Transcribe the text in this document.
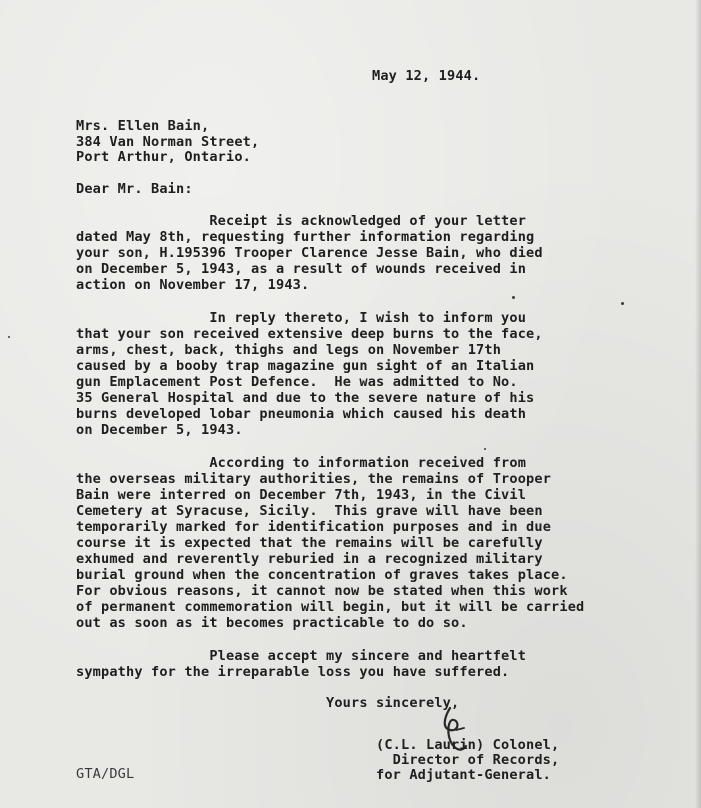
May 12, 1944.
Mrs. Ellen Bain,
384 Van Norman Street,
Port Arthur, Ontario.
Dear Mr. Bain:
Receipt is acknowledged of your letter
dated May 8th, requesting further information regarding
your son, H.195396 Trooper Clarence Jesse Bain, who died
on December 5, 1943, as a result of wounds received in
action on November 17, 1943.
In reply thereto, I wish to inform you
that your son received extensive deep burns to the face,
arms, chest, back, thighs and legs on November 17th
caused by a booby trap magazine gun sight of an Italian
gun Emplacement Post Defence.  He was admitted to No.
35 General Hospital and due to the severe nature of his
burns developed lobar pneumonia which caused his death
on December 5, 1943.
According to information received from
the overseas military authorities, the remains of Trooper
Bain were interred on December 7th, 1943, in the Civil
Cemetery at Syracuse, Sicily.  This grave will have been
temporarily marked for identification purposes and in due
course it is expected that the remains will be carefully
exhumed and reverently reburied in a recognized military
burial ground when the concentration of graves takes place.
For obvious reasons, it cannot now be stated when this work
of permanent commemoration will begin, but it will be carried
out as soon as it becomes practicable to do so.
Please accept my sincere and heartfelt
sympathy for the irreparable loss you have suffered.
Yours sincerely,
(C.L. Laurin) Colonel,
Director of Records,
for Adjutant-General.
GTA/DGL
